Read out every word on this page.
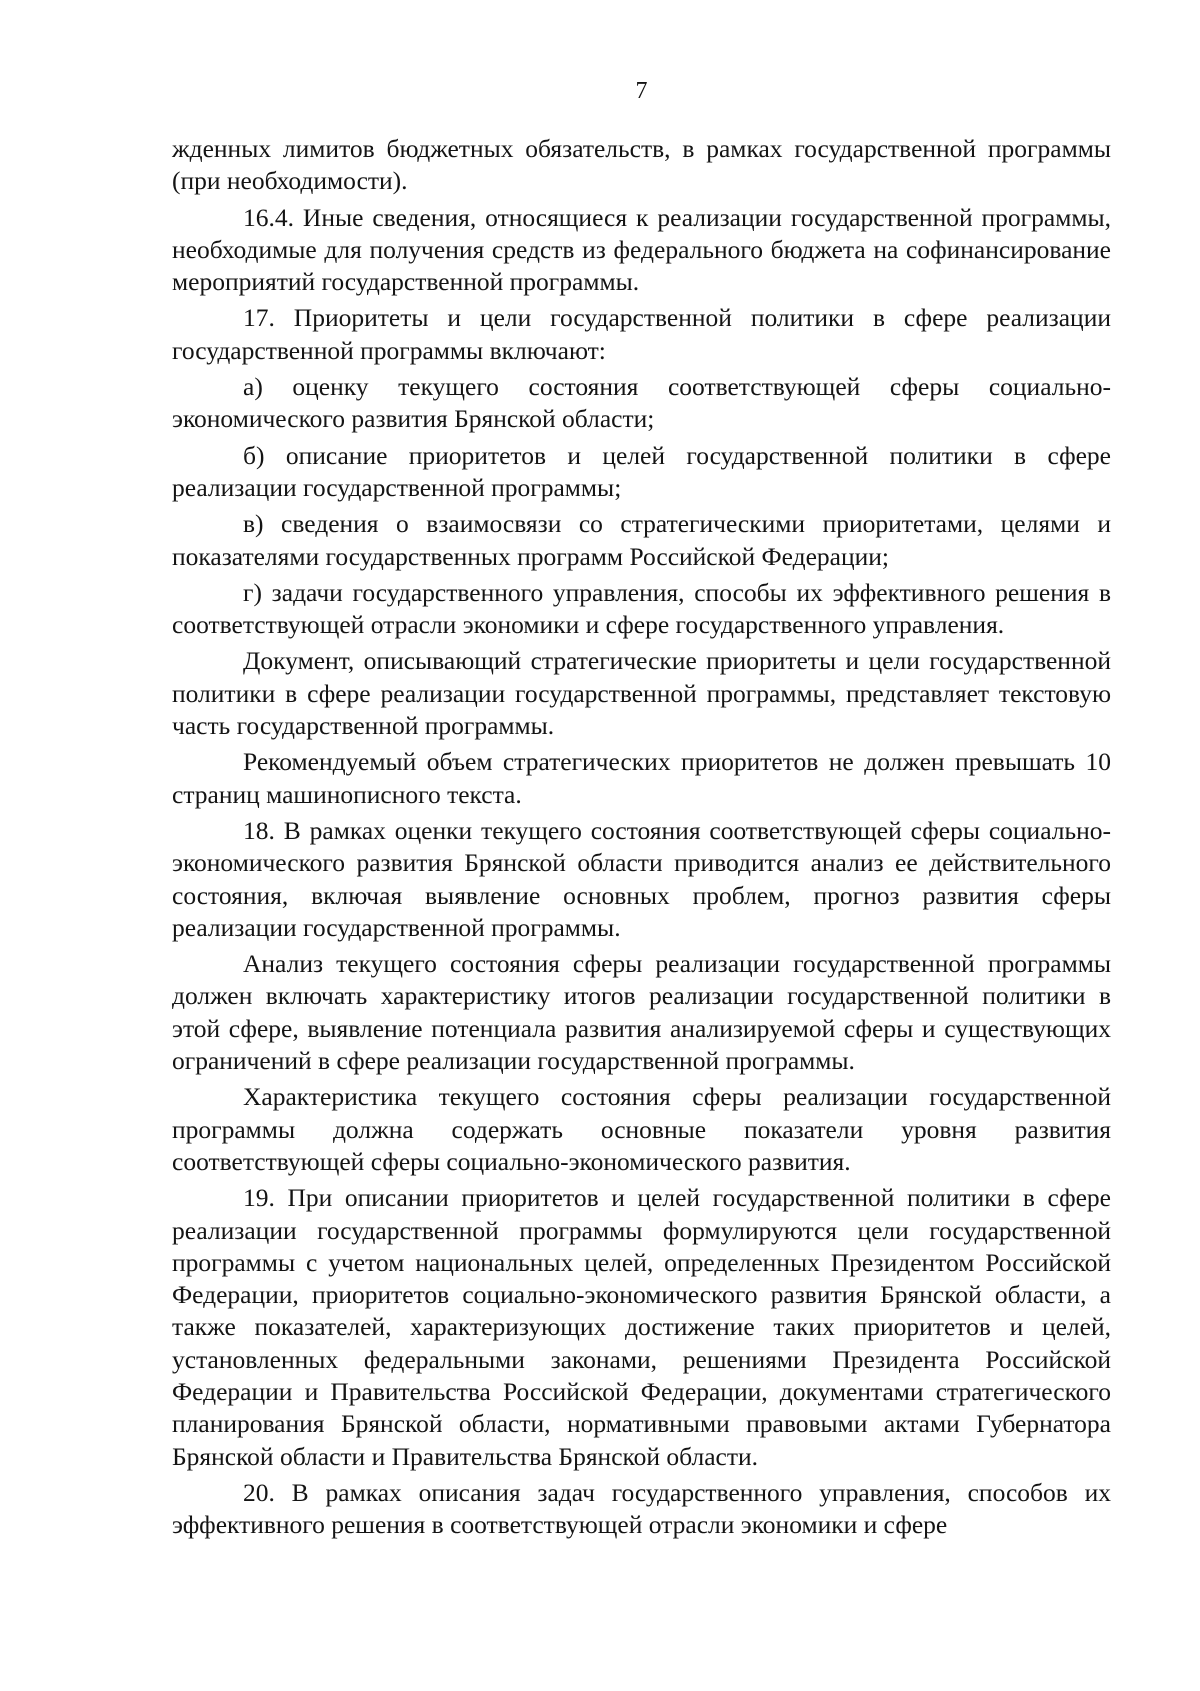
7

жденных лимитов бюджетных обязательств, в рамках государственной программы (при необходимости).

16.4. Иные сведения, относящиеся к реализации государственной программы, необходимые для получения средств из федерального бюджета на софинансирование мероприятий государственной программы.

17. Приоритеты и цели государственной политики в сфере реализации государственной программы включают:

а) оценку текущего состояния соответствующей сферы социально-экономического развития Брянской области;

б) описание приоритетов и целей государственной политики в сфере реализации государственной программы;

в) сведения о взаимосвязи со стратегическими приоритетами, целями и показателями государственных программ Российской Федерации;

г) задачи государственного управления, способы их эффективного решения в соответствующей отрасли экономики и сфере государственного управления.

Документ, описывающий стратегические приоритеты и цели государственной политики в сфере реализации государственной программы, представляет текстовую часть государственной программы.

Рекомендуемый объем стратегических приоритетов не должен превышать 10 страниц машинописного текста.

18. В рамках оценки текущего состояния соответствующей сферы социально-экономического развития Брянской области приводится анализ ее действительного состояния, включая выявление основных проблем, прогноз развития сферы реализации государственной программы.

Анализ текущего состояния сферы реализации государственной программы должен включать характеристику итогов реализации государственной политики в этой сфере, выявление потенциала развития анализируемой сферы и существующих ограничений в сфере реализации государственной программы.

Характеристика текущего состояния сферы реализации государственной программы должна содержать основные показатели уровня развития соответствующей сферы социально-экономического развития.

19. При описании приоритетов и целей государственной политики в сфере реализации государственной программы формулируются цели государственной программы с учетом национальных целей, определенных Президентом Российской Федерации, приоритетов социально-экономического развития Брянской области, а также показателей, характеризующих достижение таких приоритетов и целей, установленных федеральными законами, решениями Президента Российской Федерации и Правительства Российской Федерации, документами стратегического планирования Брянской области, нормативными правовыми актами Губернатора Брянской области и Правительства Брянской области.

20. В рамках описания задач государственного управления, способов их эффективного решения в соответствующей отрасли экономики и сфере
